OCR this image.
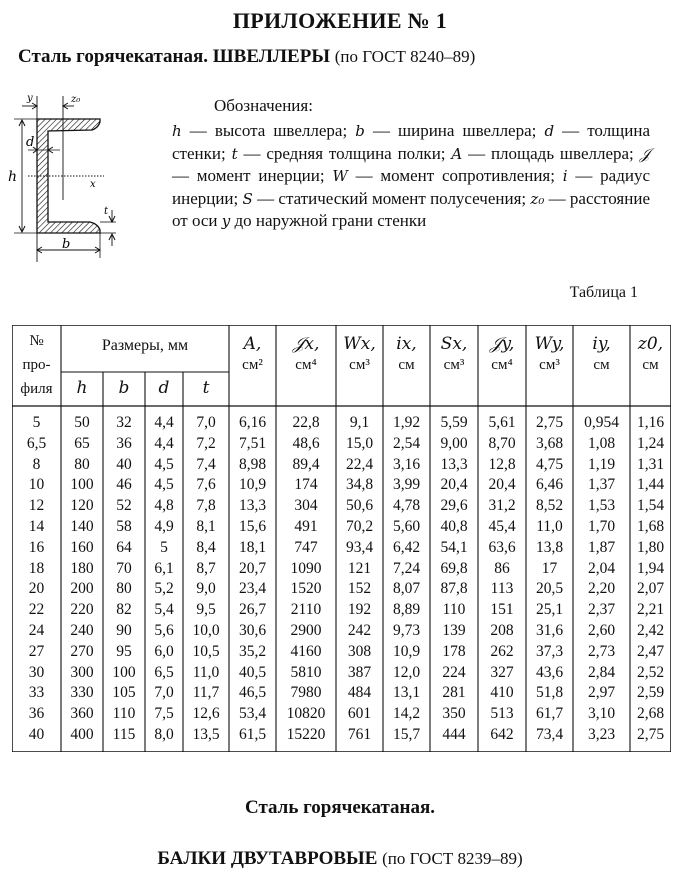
ПРИЛОЖЕНИЕ № 1
Сталь горячекатаная. ШВЕЛЛЕРЫ (по ГОСТ 8240–89)
y	z₀
d
h	x
b
t
Обозначения:
h — высота швеллера; b — ширина швеллера; d — толщина стенки; t — средняя толщина полки; A — площадь швеллера; 𝒥 — момент инерции; W — момент сопротивления; i — радиус инерции; S — статический момент полусечения; z₀ — расстояние от оси y до наружной грани стенки
Таблица 1
№
про-
филя
Размеры, мм
h	b	d	t
A,
см²
𝒥x,
см⁴
Wx,
см³
ix,
см
Sx,
см³
𝒥y,
см⁴
Wy,
см³
iy,
см
z0,
см
5	50	32	4,4	7,0	6,16	22,8	9,1	1,92	5,59	5,61	2,75	0,954	1,16
6,5	65	36	4,4	7,2	7,51	48,6	15,0	2,54	9,00	8,70	3,68	1,08	1,24
8	80	40	4,5	7,4	8,98	89,4	22,4	3,16	13,3	12,8	4,75	1,19	1,31
10	100	46	4,5	7,6	10,9	174	34,8	3,99	20,4	20,4	6,46	1,37	1,44
12	120	52	4,8	7,8	13,3	304	50,6	4,78	29,6	31,2	8,52	1,53	1,54
14	140	58	4,9	8,1	15,6	491	70,2	5,60	40,8	45,4	11,0	1,70	1,68
16	160	64	5	8,4	18,1	747	93,4	6,42	54,1	63,6	13,8	1,87	1,80
18	180	70	6,1	8,7	20,7	1090	121	7,24	69,8	86	17	2,04	1,94
20	200	80	5,2	9,0	23,4	1520	152	8,07	87,8	113	20,5	2,20	2,07
22	220	82	5,4	9,5	26,7	2110	192	8,89	110	151	25,1	2,37	2,21
24	240	90	5,6	10,0	30,6	2900	242	9,73	139	208	31,6	2,60	2,42
27	270	95	6,0	10,5	35,2	4160	308	10,9	178	262	37,3	2,73	2,47
30	300	100	6,5	11,0	40,5	5810	387	12,0	224	327	43,6	2,84	2,52
33	330	105	7,0	11,7	46,5	7980	484	13,1	281	410	51,8	2,97	2,59
36	360	110	7,5	12,6	53,4	10820	601	14,2	350	513	61,7	3,10	2,68
40	400	115	8,0	13,5	61,5	15220	761	15,7	444	642	73,4	3,23	2,75
Сталь горячекатаная.
БАЛКИ ДВУТАВРОВЫЕ (по ГОСТ 8239–89)
